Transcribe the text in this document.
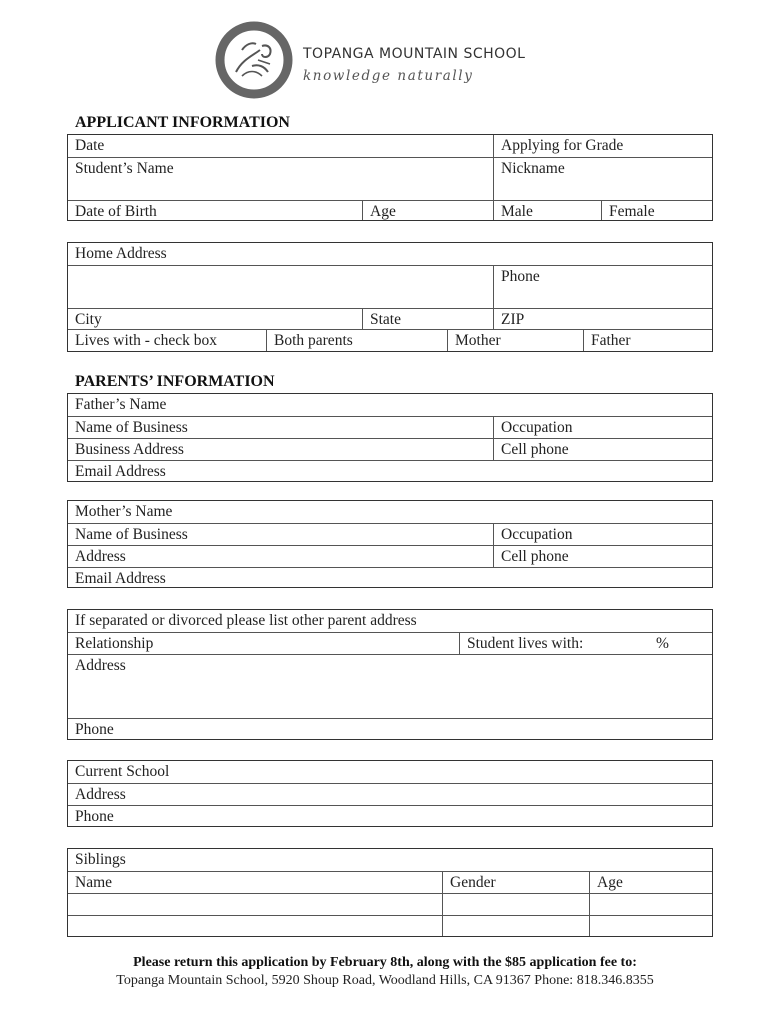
TOPANGA MOUNTAIN SCHOOL
knowledge naturally
APPLICANT INFORMATION
Date	Applying for Grade
Student’s Name	Nickname
Date of Birth	Age	Male	Female
Home Address
Phone
City	State	ZIP
Lives with - check box	Both parents	Mother	Father
PARENTS’ INFORMATION
Father’s Name
Name of Business	Occupation
Business Address	Cell phone
Email Address
Mother’s Name
Name of Business	Occupation
Address	Cell phone
Email Address
If separated or divorced please list other parent address
Relationship	Student lives with:	%
Address
Phone
Current School
Address
Phone
Siblings
Name	Gender	Age
Please return this application by February 8th, along with the $85 application fee to:
Topanga Mountain School, 5920 Shoup Road, Woodland Hills, CA 91367 Phone: 818.346.8355
